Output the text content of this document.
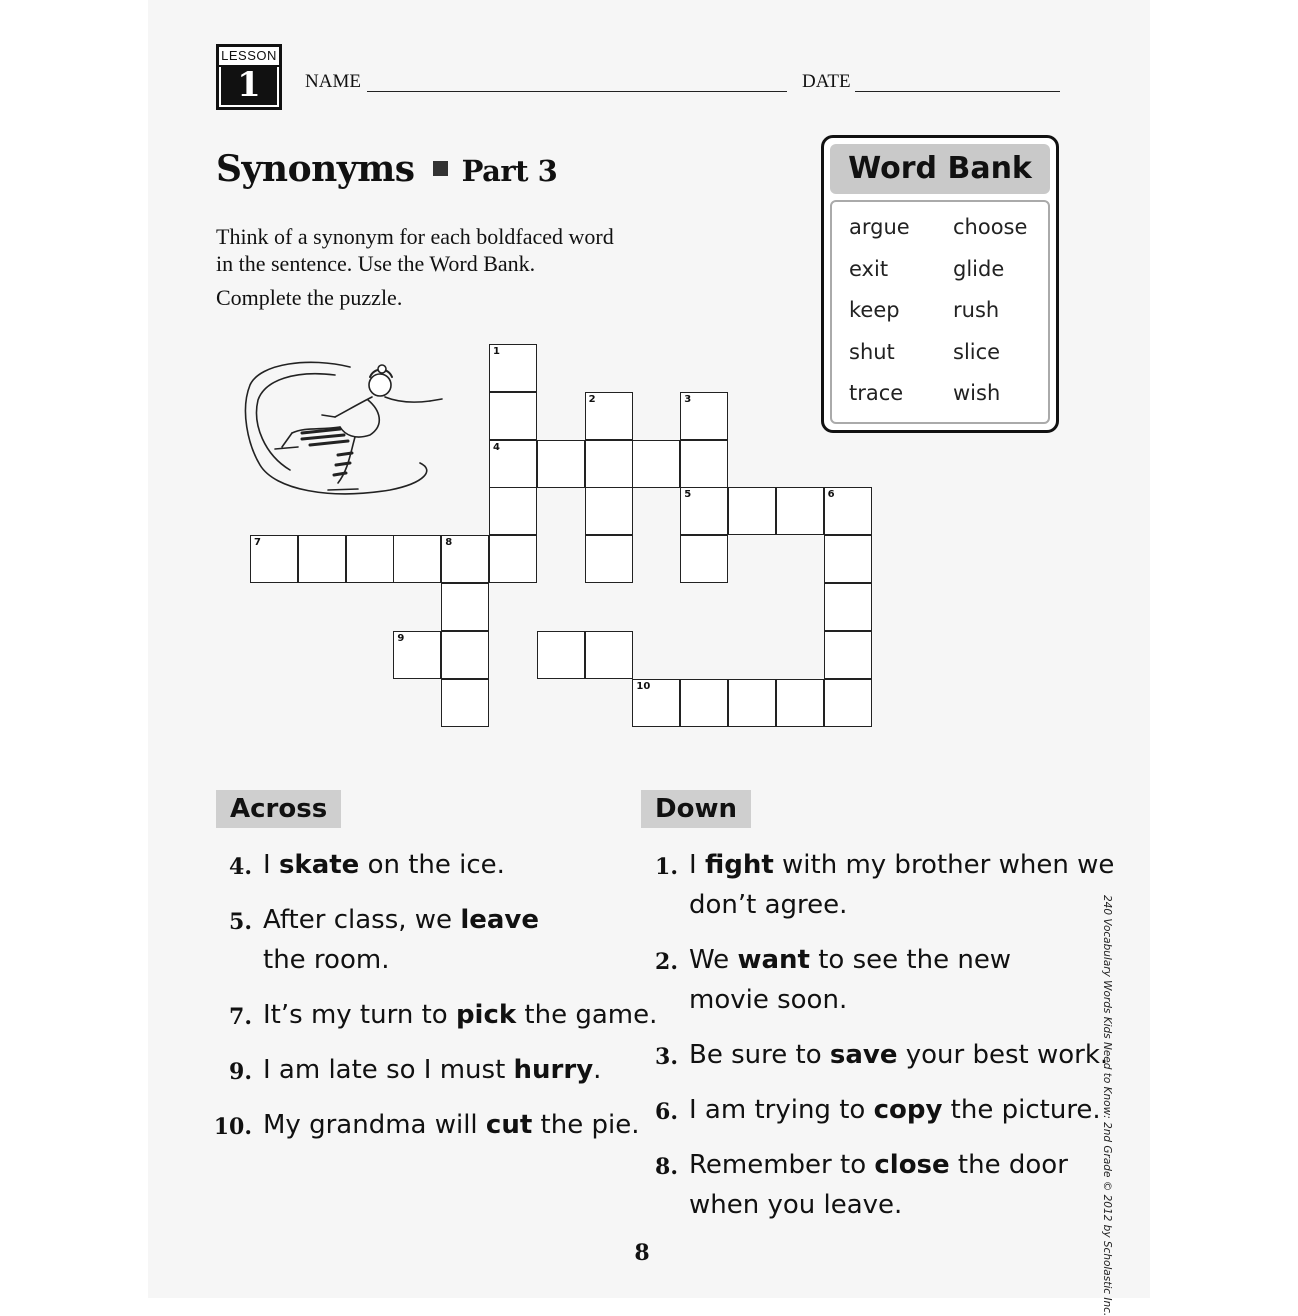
LESSON
1	NAME	DATE
Synonyms Part 3
Think of a synonym for each boldfaced word
in the sentence. Use the Word Bank.
Complete the puzzle.
Word Bank
argue choose
exit	glide
keep	rush
shut	slice
trace wish
1
4
2	3
5	6
7	8
9
10
Across
4. I skate on the ice.
5. After class, we leave
the room.
7. It’s my turn to pick the game.
9. I am late so I must hurry.
10. My grandma will cut the pie.
Down
1. I fight with my brother when we
don’t agree.
2. We want to see the new
movie soon.
3. Be sure to save your best work.
6. I am trying to copy the picture.
8. Remember to close the door
when you leave.	240 Vocabulary Words Kids Need to Know: 2nd Grade © 2012 by Scholastic Inc.
8
